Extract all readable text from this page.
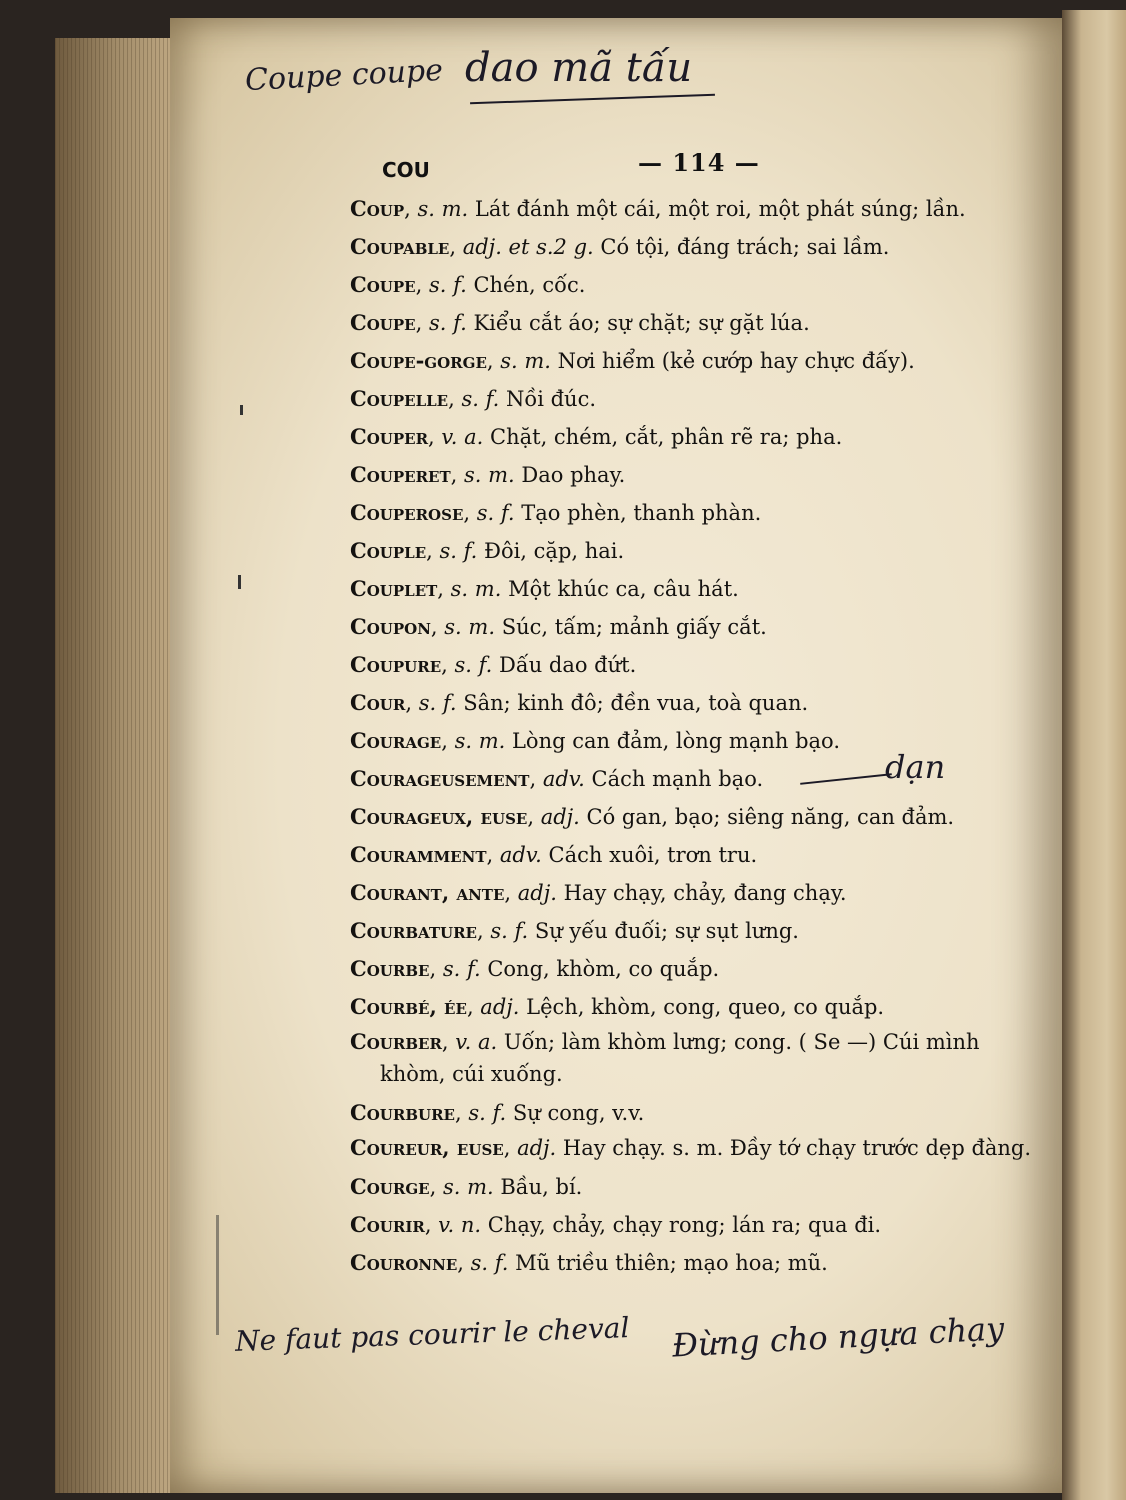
Coupe coupe dao mã tấu
COU	— 114 —
Coup, s. m. Lát đánh một cái, một roi, một phát súng; lần.
Coupable, adj. et s.2 g. Có tội, đáng trách; sai lầm.
Coupe, s. f. Chén, cốc.
Coupe, s. f. Kiểu cắt áo; sự chặt; sự gặt lúa.
Coupe-gorge, s. m. Nơi hiểm (kẻ cướp hay chực đấy).
Coupelle, s. f. Nồi đúc.
Couper, v. a. Chặt, chém, cắt, phân rẽ ra; pha.
Couperet, s. m. Dao phay.
Couperose, s. f. Tạo phèn, thanh phàn.
Couple, s. f. Đôi, cặp, hai.
Couplet, s. m. Một khúc ca, câu hát.
Coupon, s. m. Súc, tấm; mảnh giấy cắt.
Coupure, s. f. Dấu dao đứt.
Cour, s. f. Sân; kinh đô; đền vua, toà quan.
Courage, s. m. Lòng can đảm, lòng mạnh bạo.
Courageusement, adv. Cách mạnh bạo.
Courageux, euse, adj. Có gan, bạo; siêng năng, can đảm.
Couramment, adv. Cách xuôi, trơn tru.
Courant, ante, adj. Hay chạy, chảy, đang chạy.
Courbature, s. f. Sự yếu đuối; sự sụt lưng.
Courbe, s. f. Cong, khòm, co quắp.
Courbé, ée, adj. Lệch, khòm, cong, queo, co quắp.
Courber, v. a. Uốn; làm khòm lưng; cong. ( Se —) Cúi mình khòm, cúi xuống.
Courbure, s. f. Sự cong, v.v.
Coureur, euse, adj. Hay chạy. s. m. Đầy tớ chạy trước dẹp đàng.
Courge, s. m. Bầu, bí.
Courir, v. n. Chạy, chảy, chạy rong; lán ra; qua đi.
Couronne, s. f. Mũ triều thiên; mạo hoa; mũ.
dạn
Ne faut pas courir le cheval Đừng cho ngựa chạy
